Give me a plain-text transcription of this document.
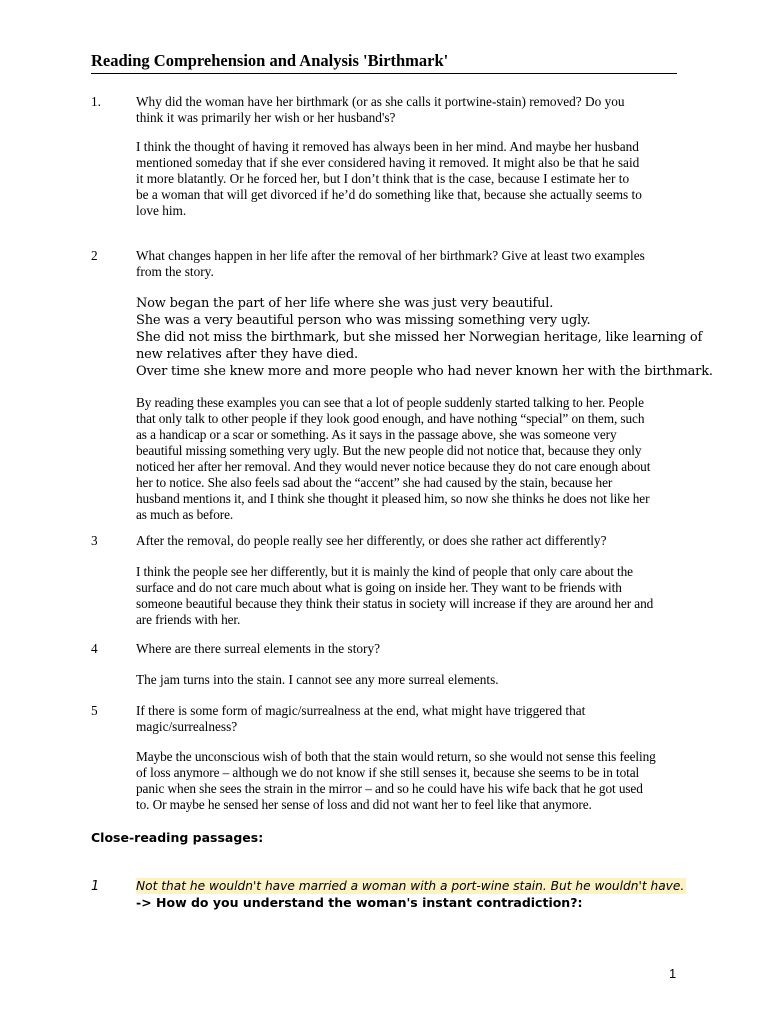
Reading Comprehension and Analysis 'Birthmark'
1.	Why did the woman have her birthmark (or as she calls it portwine-stain) removed? Do you
think it was primarily her wish or her husband's?
I think the thought of having it removed has always been in her mind. And maybe her husband
mentioned someday that if she ever considered having it removed. It might also be that he said
it more blatantly. Or he forced her, but I don’t think that is the case, because I estimate her to
be a woman that will get divorced if he’d do something like that, because she actually seems to
love him.
2	What changes happen in her life after the removal of her birthmark? Give at least two examples
from the story.
Now began the part of her life where she was just very beautiful.
She was a very beautiful person who was missing something very ugly.
She did not miss the birthmark, but she missed her Norwegian heritage, like learning of
new relatives after they have died.
Over time she knew more and more people who had never known her with the birthmark.
By reading these examples you can see that a lot of people suddenly started talking to her. People
that only talk to other people if they look good enough, and have nothing “special” on them, such
as a handicap or a scar or something. As it says in the passage above, she was someone very
beautiful missing something very ugly. But the new people did not notice that, because they only
noticed her after her removal. And they would never notice because they do not care enough about
her to notice. She also feels sad about the “accent” she had caused by the stain, because her
husband mentions it, and I think she thought it pleased him, so now she thinks he does not like her
as much as before.
3	After the removal, do people really see her differently, or does she rather act differently?
I think the people see her differently, but it is mainly the kind of people that only care about the
surface and do not care much about what is going on inside her. They want to be friends with
someone beautiful because they think their status in society will increase if they are around her and
are friends with her.
4	Where are there surreal elements in the story?
The jam turns into the stain. I cannot see any more surreal elements.
5	If there is some form of magic/surrealness at the end, what might have triggered that
magic/surrealness?
Maybe the unconscious wish of both that the stain would return, so she would not sense this feeling
of loss anymore – although we do not know if she still senses it, because she seems to be in total
panic when she sees the strain in the mirror – and so he could have his wife back that he got used
to. Or maybe he sensed her sense of loss and did not want her to feel like that anymore.
Close-reading passages:
1	Not that he wouldn't have married a woman with a port-wine stain. But he wouldn't have.
-> How do you understand the woman's instant contradiction?:
1
